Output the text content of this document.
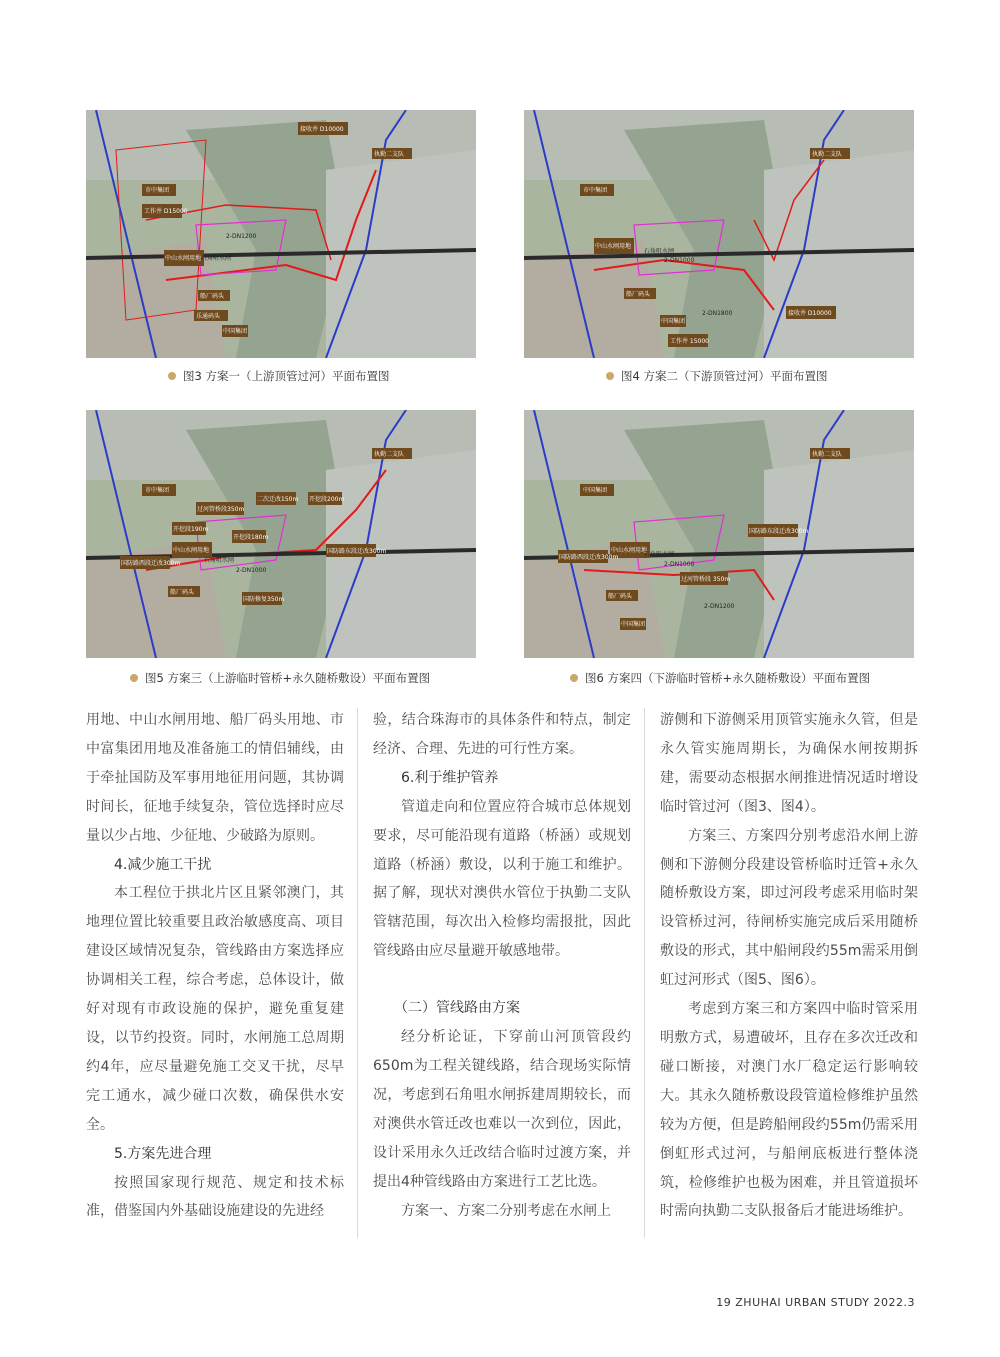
市中集团
工作井 D15000
中山水闸用地
船厂码头
接收井 D10000
执勤二支队
石角咀水闸
2-DN1200
中国集团
乐通码头
图3 方案一（上游顶管过河）平面布置图
市中集团
中山水闸用地
执勤二支队
石角咀水闸
2-DN1000
2-DN1800	接收井 D10000
工作井 15000
船厂码头
中国集团
图4 方案二（下游顶管过河）平面布置图
市中集团
执勤二支队
过河管桥段350m
二次迁改150m 开挖段200m
开挖段190m
开挖段180m
中山水闸用地
国防路西段迁改300m
国防路东段迁改300m
石角咀水闸
2-DN1000
国防修复350m
船厂码头
图5 方案三（上游临时管桥+永久随桥敷设）平面布置图
中国集团
执勤二支队
中山水闸用地
国防路西段迁改300m
国防路东段迁改300m
石角咀水闸
2-DN1000
2-DN1200
过河管桥段 350m
船厂码头
中国集团
图6 方案四（下游临时管桥+永久随桥敷设）平面布置图

用地、中山水闸用地、船厂码头用地、市中富集团用地及准备施工的情侣辅线，由于牵扯国防及军事用地征用问题，其协调时间长，征地手续复杂，管位选择时应尽量以少占地、少征地、少破路为原则。

4.减少施工干扰

本工程位于拱北片区且紧邻澳门，其地理位置比较重要且政治敏感度高、项目建设区域情况复杂，管线路由方案选择应协调相关工程，综合考虑，总体设计，做好对现有市政设施的保护，避免重复建设，以节约投资。同时，水闸施工总周期约4年，应尽量避免施工交叉干扰，尽早完工通水，减少碰口次数，确保供水安全。

5.方案先进合理

按照国家现行规范、规定和技术标准，借鉴国内外基础设施建设的先进经

验，结合珠海市的具体条件和特点，制定经济、合理、先进的可行性方案。

6.利于维护管养

管道走向和位置应符合城市总体规划要求，尽可能沿现有道路（桥涵）或规划道路（桥涵）敷设，以利于施工和维护。据了解，现状对澳供水管位于执勤二支队管辖范围，每次出入检修均需报批，因此管线路由应尽量避开敏感地带。

（二）管线路由方案

经分析论证，下穿前山河顶管段约650m为工程关键线路，结合现场实际情况，考虑到石角咀水闸拆建周期较长，而对澳供水管迁改也难以一次到位，因此，设计采用永久迁改结合临时过渡方案，并提出4种管线路由方案进行工艺比选。

方案一、方案二分别考虑在水闸上

游侧和下游侧采用顶管实施永久管，但是永久管实施周期长，为确保水闸按期拆建，需要动态根据水闸推进情况适时增设临时管过河（图3、图4）。

方案三、方案四分别考虑沿水闸上游侧和下游侧分段建设管桥临时迁管+永久随桥敷设方案，即过河段考虑采用临时架设管桥过河，待闸桥实施完成后采用随桥敷设的形式，其中船闸段约55m需采用倒虹过河形式（图5、图6）。

考虑到方案三和方案四中临时管采用明敷方式，易遭破坏，且存在多次迁改和碰口断接，对澳门水厂稳定运行影响较大。其永久随桥敷设段管道检修维护虽然较为方便，但是跨船闸段约55m仍需采用倒虹形式过河，与船闸底板进行整体浇筑，检修维护也极为困难，并且管道损坏时需向执勤二支队报备后才能进场维护。

19 ZHUHAI URBAN STUDY 2022.3
